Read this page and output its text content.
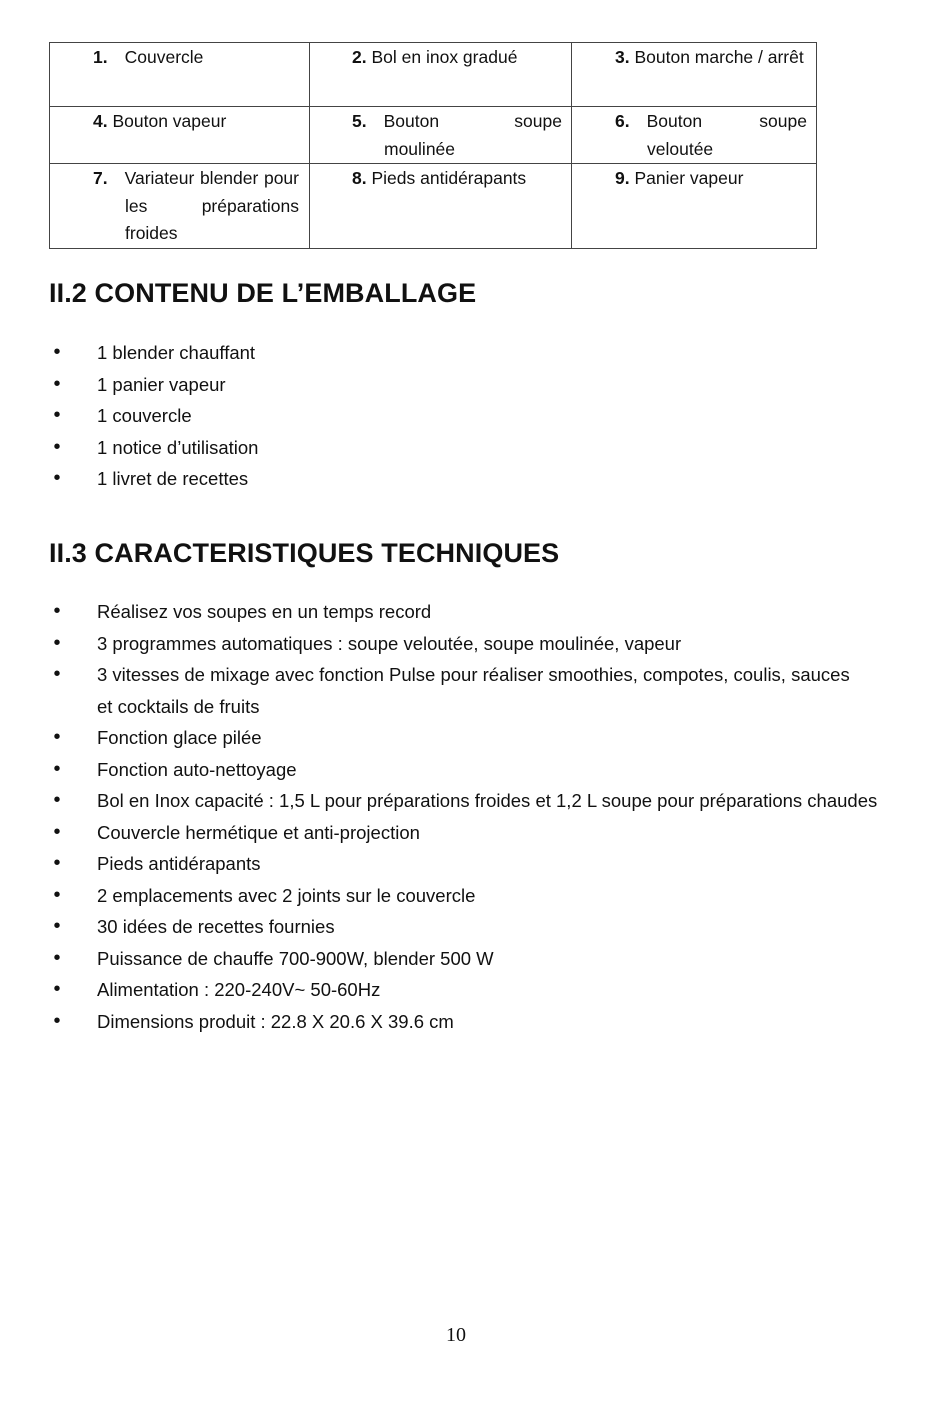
1. Couvercle	2. Bol en inox gradué	3. Bouton marche / arrêt

4. Bouton vapeur	5. Bouton soupe moulinée	6. Bouton soupe veloutée

7. Variateur blender pour les préparations froides	8. Pieds antidérapants	9. Panier vapeur
II.2 CONTENU DE L’EMBALLAGE
• 1 blender chauffant
• 1 panier vapeur
• 1 couvercle
• 1 notice d’utilisation
• 1 livret de recettes
II.3 CARACTERISTIQUES TECHNIQUES
• Réalisez vos soupes en un temps record
• 3 programmes automatiques : soupe veloutée, soupe moulinée, vapeur
• 3 vitesses de mixage avec fonction Pulse pour réaliser smoothies, compotes, coulis, sauces et cocktails de fruits
• Fonction glace pilée
• Fonction auto-nettoyage
• Bol en Inox capacité : 1,5 L pour préparations froides et 1,2 L soupe pour préparations chaudes
• Couvercle hermétique et anti-projection
• Pieds antidérapants
• 2 emplacements avec 2 joints sur le couvercle
• 30 idées de recettes fournies
• Puissance de chauffe 700-900W, blender 500 W
• Alimentation : 220-240V~ 50-60Hz
• Dimensions produit : 22.8 X 20.6 X 39.6 cm
10
